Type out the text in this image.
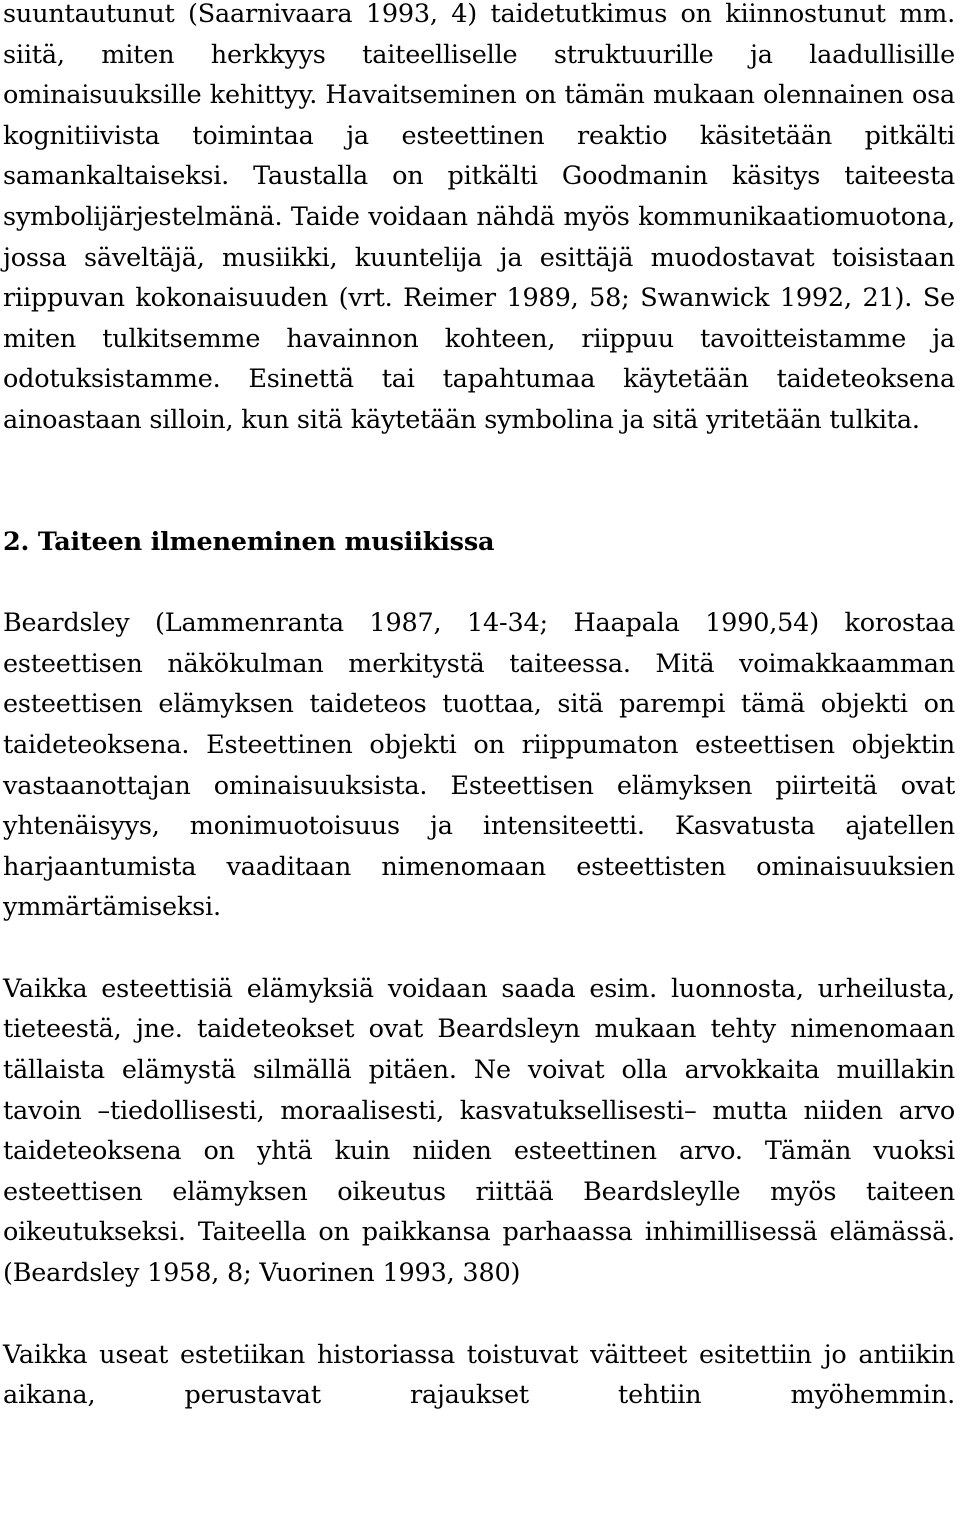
suuntautunut (Saarnivaara 1993, 4) taidetutkimus on kiinnostunut mm. siitä, miten herkkyys taiteelliselle struktuurille ja laadullisille ominaisuuksille kehittyy. Havaitseminen on tämän mukaan olennainen osa kognitiivista toimintaa ja esteettinen reaktio käsitetään pitkälti samankaltaiseksi. Taustalla on pitkälti Goodmanin käsitys taiteesta symbolijärjestelmänä. Taide voidaan nähdä myös kommunikaatiomuotona, jossa säveltäjä, musiikki, kuuntelija ja esittäjä muodostavat toisistaan riippuvan kokonaisuuden (vrt. Reimer 1989, 58; Swanwick 1992, 21). Se miten tulkitsemme havainnon kohteen, riippuu tavoitteistamme ja odotuksistamme. Esinettä tai tapahtumaa käytetään taideteoksena ainoastaan silloin, kun sitä käytetään symbolina ja sitä yritetään tulkita.

2. Taiteen ilmeneminen musiikissa

Beardsley (Lammenranta 1987, 14-34; Haapala 1990,54) korostaa esteettisen näkökulman merkitystä taiteessa. Mitä voimakkaamman esteettisen elämyksen taideteos tuottaa, sitä parempi tämä objekti on taideteoksena. Esteettinen objekti on riippumaton esteettisen objektin vastaanottajan ominaisuuksista. Esteettisen elämyksen piirteitä ovat yhtenäisyys, monimuotoisuus ja intensiteetti. Kasvatusta ajatellen harjaantumista vaaditaan nimenomaan esteettisten ominaisuuksien ymmärtämiseksi.

Vaikka esteettisiä elämyksiä voidaan saada esim. luonnosta, urheilusta, tieteestä, jne. taideteokset ovat Beardsleyn mukaan tehty nimenomaan tällaista elämystä silmällä pitäen. Ne voivat olla arvokkaita muillakin tavoin –tiedollisesti, moraalisesti, kasvatuksellisesti– mutta niiden arvo taideteoksena on yhtä kuin niiden esteettinen arvo. Tämän vuoksi esteettisen elämyksen oikeutus riittää Beardsleylle myös taiteen oikeutukseksi. Taiteella on paikkansa parhaassa inhimillisessä elämässä.(Beardsley 1958, 8; Vuorinen 1993, 380)

Vaikka useat estetiikan historiassa toistuvat väitteet esitettiin jo antiikin aikana, perustavat rajaukset tehtiin myöhemmin.
